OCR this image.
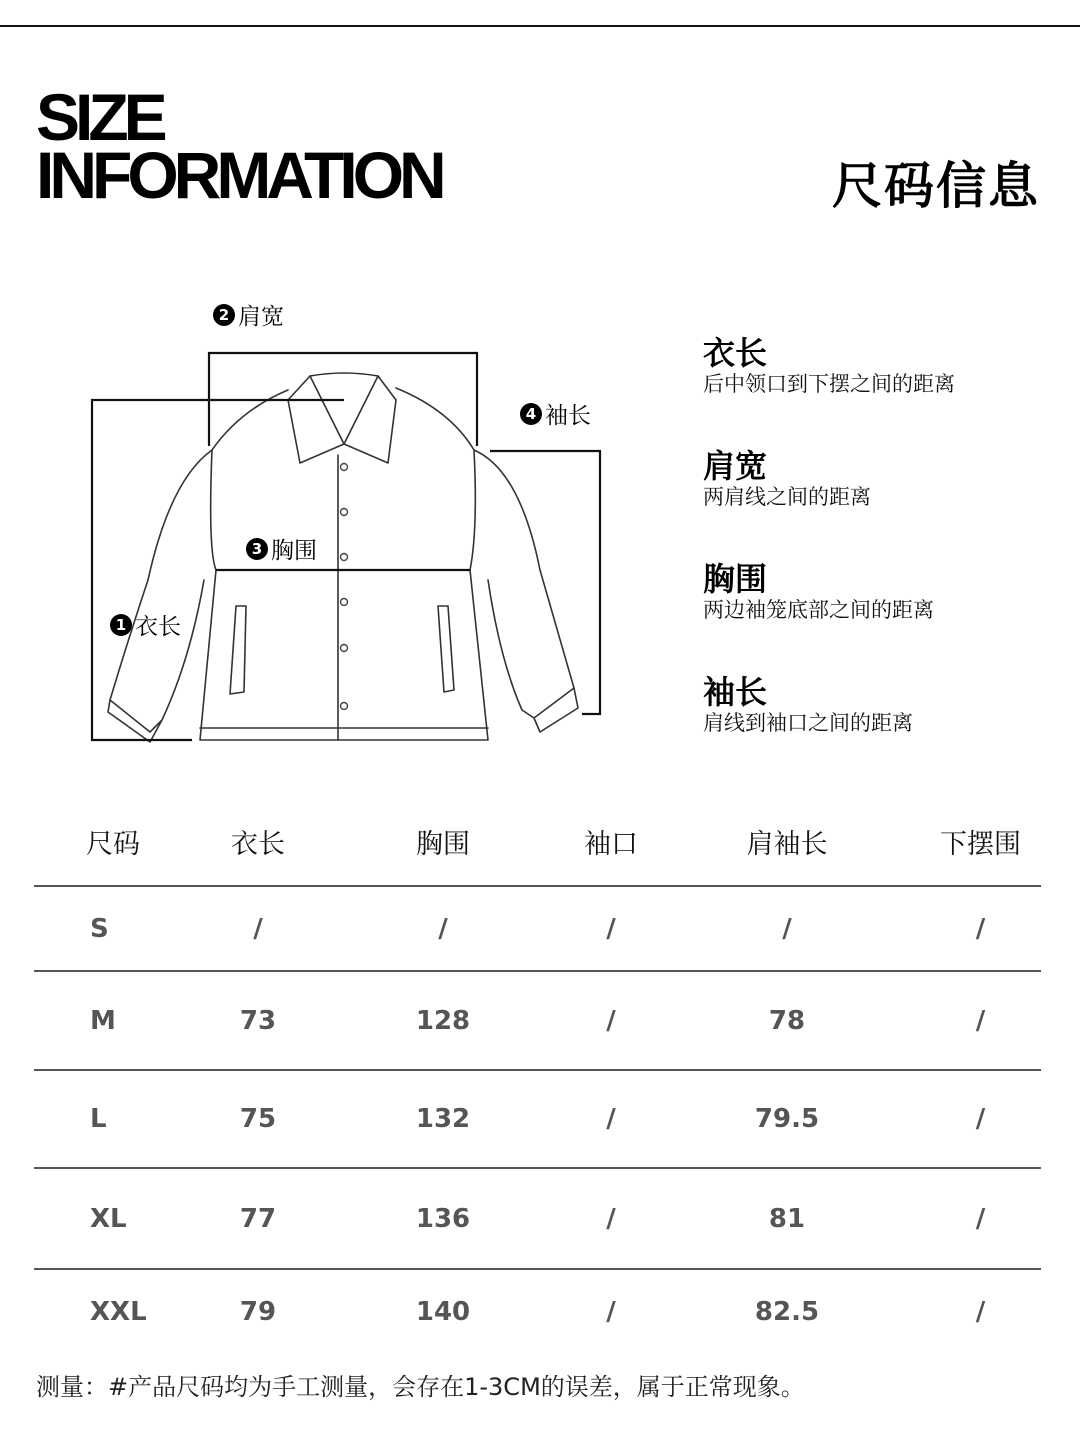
SIZE
INFORMATION	尺码信息
2 肩宽
4 袖长
3 胸围
1 衣长
衣长
后中领口到下摆之间的距离
肩宽
两肩线之间的距离
胸围
两边袖笼底部之间的距离
袖长
肩线到袖口之间的距离
尺码	衣长	胸围	袖口	肩袖长	下摆围
S	/	/	/	/	/
M	73	128	/	78	/
L	75	132	/	79.5	/
XL	77	136	/	81	/
XXL	79	140	/	82.5	/
测量：#产品尺码均为手工测量，会存在1-3CM的误差，属于正常现象。
